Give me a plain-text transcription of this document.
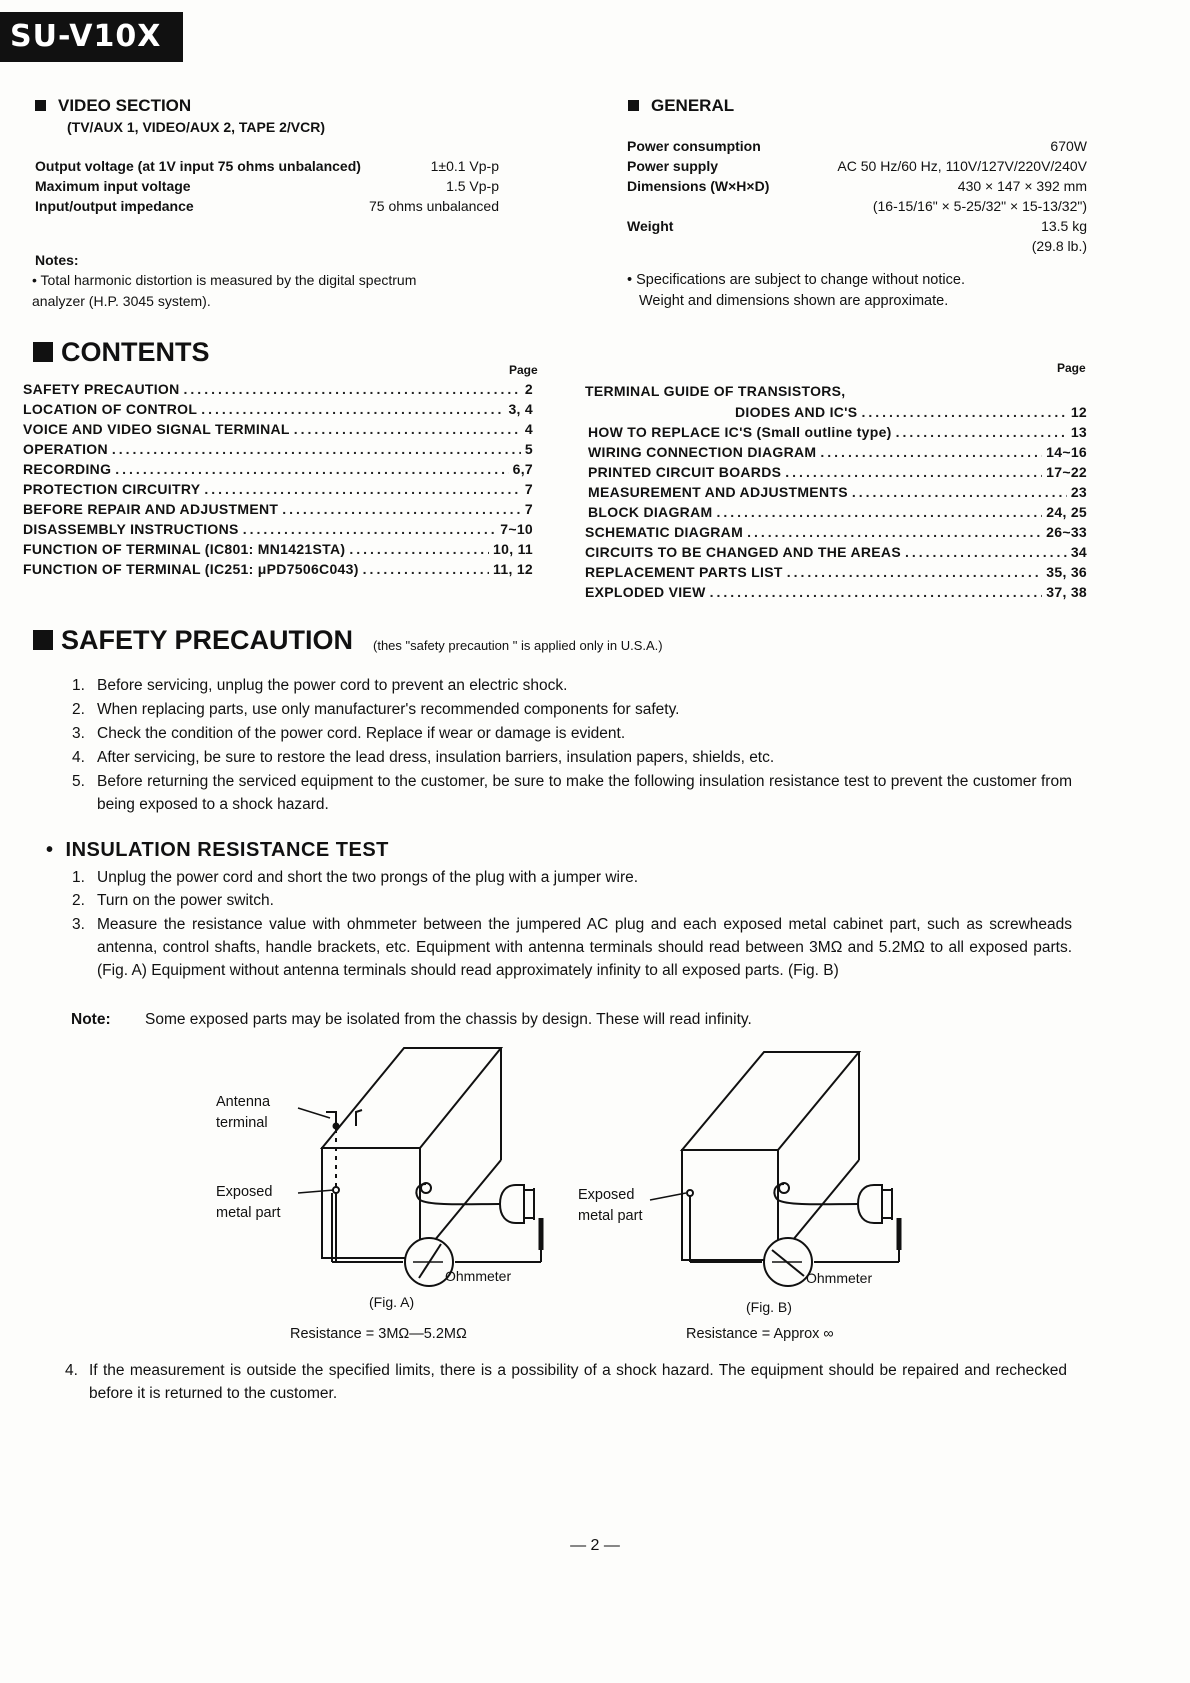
SU-V10X
VIDEO SECTION
(TV/AUX 1, VIDEO/AUX 2, TAPE 2/VCR)
Output voltage (at 1V input 75 ohms unbalanced)	1±0.1 Vp-p
Maximum input voltage	1.5 Vp-p
Input/output impedance	75 ohms unbalanced
Notes:
• Total harmonic distortion is measured by the digital spectrum
analyzer (H.P. 3045 system).
GENERAL
Power consumption	670W
Power supply	AC 50 Hz/60 Hz, 110V/127V/220V/240V
Dimensions (W×H×D)	430 × 147 × 392 mm
(16-15/16" × 5-25/32" × 15-13/32")
Weight	13.5 kg
(29.8 lb.)
• Specifications are subject to change without notice.
Weight and dimensions shown are approximate.
CONTENTS
Page	Page
SAFETY PRECAUTION .....	2
LOCATION OF CONTROL .....	3, 4
VOICE AND VIDEO SIGNAL TERMINAL .....	4
OPERATION .....	5
RECORDING .....	6,7
PROTECTION CIRCUITRY .....	7
BEFORE REPAIR AND ADJUSTMENT .....	7
DISASSEMBLY INSTRUCTIONS .....	7~10
FUNCTION OF TERMINAL (IC801: MN1421STA) .....	10, 11
FUNCTION OF TERMINAL (IC251: μPD7506C043) .....	11, 12
TERMINAL GUIDE OF TRANSISTORS,
DIODES AND IC'S .....	12
HOW TO REPLACE IC'S (Small outline type) .....	13
WIRING CONNECTION DIAGRAM .....	14~16
PRINTED CIRCUIT BOARDS .....	17~22
MEASUREMENT AND ADJUSTMENTS .....	23
BLOCK DIAGRAM .....	24, 25
SCHEMATIC DIAGRAM .....	26~33
CIRCUITS TO BE CHANGED AND THE AREAS .....	34
REPLACEMENT PARTS LIST .....	35, 36
EXPLODED VIEW .....	37, 38
SAFETY PRECAUTION (thes "safety precaution " is applied only in U.S.A.)
1. Before servicing, unplug the power cord to prevent an electric shock.
2. When replacing parts, use only manufacturer's recommended components for safety.
3. Check the condition of the power cord. Replace if wear or damage is evident.
4. After servicing, be sure to restore the lead dress, insulation barriers, insulation papers, shields, etc.
5. Before returning the serviced equipment to the customer, be sure to make the following insulation resistance test to prevent the customer from being exposed to a shock hazard.
• INSULATION RESISTANCE TEST
1. Unplug the power cord and short the two prongs of the plug with a jumper wire.
2. Turn on the power switch.
3. Measure the resistance value with ohmmeter between the jumpered AC plug and each exposed metal cabinet part, such as screwheads antenna, control shafts, handle brackets, etc. Equipment with antenna terminals should read between 3MΩ and 5.2MΩ to all exposed parts. (Fig. A) Equipment without antenna terminals should read approximately infinity to all exposed parts. (Fig. B)
Note: Some exposed parts may be isolated from the chassis by design. These will read infinity.
Antenna terminal
Exposed metal part
Ohmmeter
(Fig. A)
Resistance = 3MΩ—5.2MΩ
Exposed metal part
Ohmmeter
(Fig. B)
Resistance = Approx ∞
4. If the measurement is outside the specified limits, there is a possibility of a shock hazard. The equipment should be repaired and rechecked before it is returned to the customer.
— 2 —
